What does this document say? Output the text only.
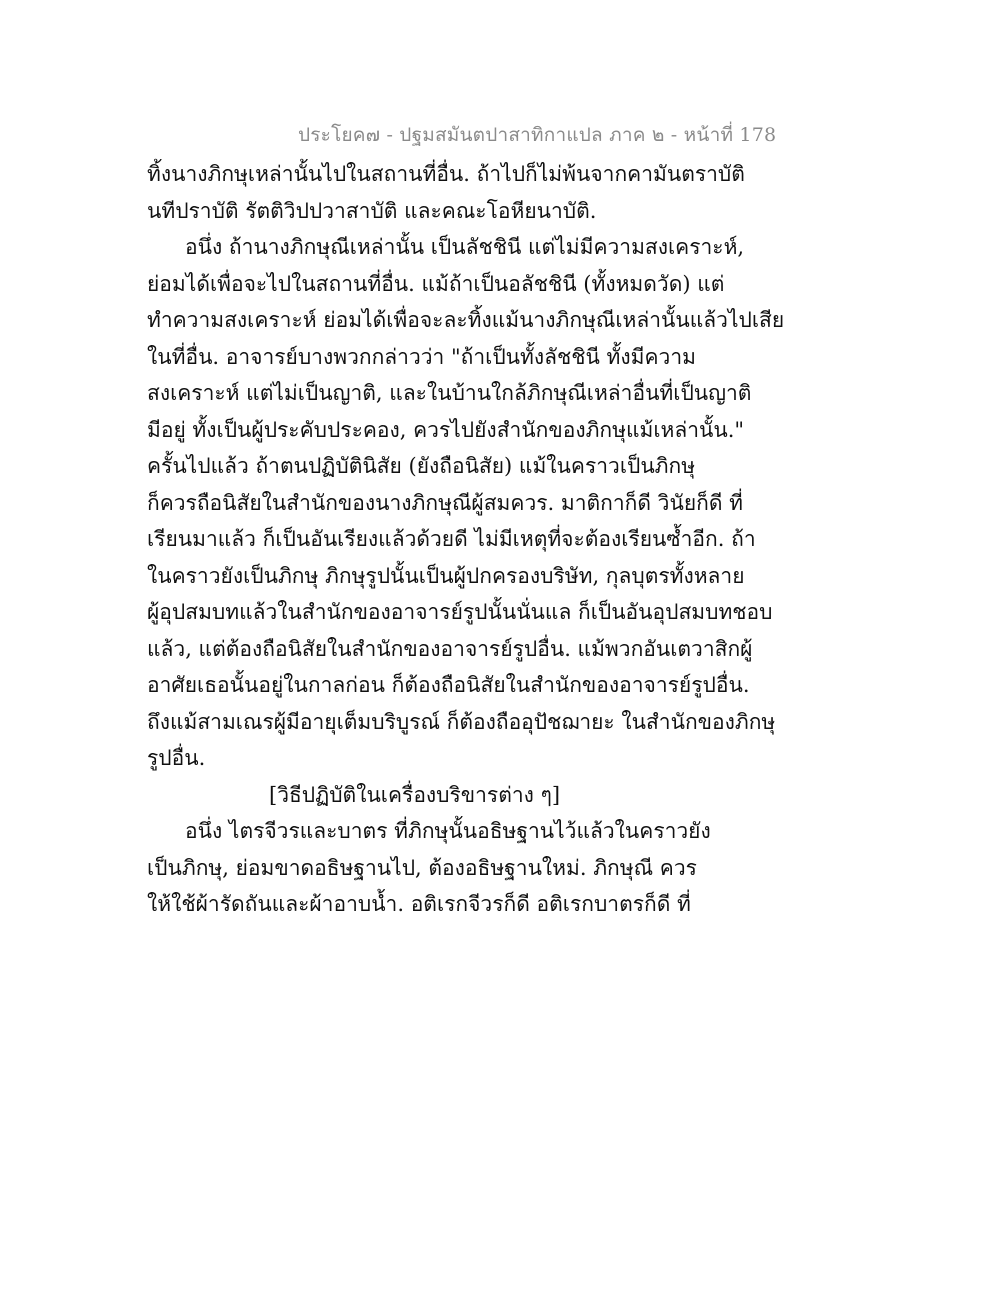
ประโยค๗ - ปฐมสมันตปาสาทิกาแปล ภาค ๒ - หน้าที่ 178
ทิ้งนางภิกษุเหล่านั้นไปในสถานที่อื่น. ถ้าไปก็ไม่พ้นจากคามันตราบัติ
นทีปราบัติ รัตติวิปปวาสาบัติ และคณะโอหียนาบัติ.
อนึ่ง ถ้านางภิกษุณีเหล่านั้น เป็นลัชชินี แต่ไม่มีความสงเคราะห์,
ย่อมได้เพื่อจะไปในสถานที่อื่น. แม้ถ้าเป็นอลัชชินี (ทั้งหมดวัด) แต่
ทำความสงเคราะห์ ย่อมได้เพื่อจะละทิ้งแม้นางภิกษุณีเหล่านั้นแล้วไปเสีย
ในที่อื่น. อาจารย์บางพวกกล่าวว่า "ถ้าเป็นทั้งลัชชินี ทั้งมีความ
สงเคราะห์ แต่ไม่เป็นญาติ, และในบ้านใกล้ภิกษุณีเหล่าอื่นที่เป็นญาติ
มีอยู่ ทั้งเป็นผู้ประคับประคอง, ควรไปยังสำนักของภิกษุแม้เหล่านั้น."
ครั้นไปแล้ว ถ้าตนปฏิบัตินิสัย (ยังถือนิสัย) แม้ในคราวเป็นภิกษุ
ก็ควรถือนิสัยในสำนักของนางภิกษุณีผู้สมควร. มาติกาก็ดี วินัยก็ดี ที่
เรียนมาแล้ว ก็เป็นอันเรียงแล้วด้วยดี ไม่มีเหตุที่จะต้องเรียนซ้ำอีก. ถ้า
ในคราวยังเป็นภิกษุ ภิกษุรูปนั้นเป็นผู้ปกครองบริษัท, กุลบุตรทั้งหลาย
ผู้อุปสมบทแล้วในสำนักของอาจารย์รูปนั้นนั่นแล ก็เป็นอันอุปสมบทชอบ
แล้ว, แต่ต้องถือนิสัยในสำนักของอาจารย์รูปอื่น. แม้พวกอันเตวาสิกผู้
อาศัยเธอนั้นอยู่ในกาลก่อน ก็ต้องถือนิสัยในสำนักของอาจารย์รูปอื่น.
ถึงแม้สามเณรผู้มีอายุเต็มบริบูรณ์ ก็ต้องถืออุปัชฌายะ ในสำนักของภิกษุ
รูปอื่น.
[วิธีปฏิบัติในเครื่องบริขารต่าง ๆ]
อนึ่ง ไตรจีวรและบาตร ที่ภิกษุนั้นอธิษฐานไว้แล้วในคราวยัง
เป็นภิกษุ, ย่อมขาดอธิษฐานไป, ต้องอธิษฐานใหม่. ภิกษุณี ควร
ให้ใช้ผ้ารัดถันและผ้าอาบน้ำ. อติเรกจีวรก็ดี อติเรกบาตรก็ดี ที่
